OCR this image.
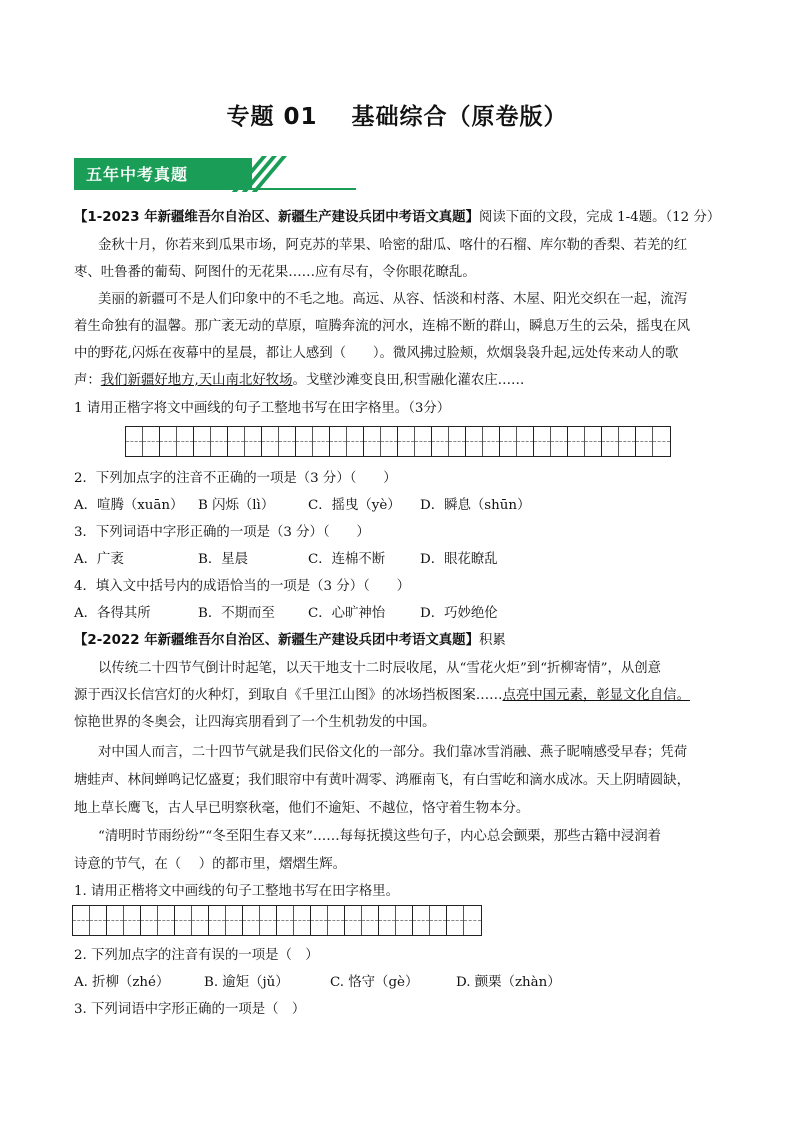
专题 01 基础综合（原卷版）
五年中考真题
【1-2023 年新疆维吾尔自治区、新疆生产建设兵团中考语文真题】阅读下面的文段，完成 1-4题。（12 分）
金秋十月，你若来到瓜果市场，阿克苏的苹果、哈密的甜瓜、喀什的石榴、库尔勒的香梨、若羌的红
枣、吐鲁番的葡萄、阿图什的无花果……应有尽有，令你眼花瞭乱。
美丽的新疆可不是人们印象中的不毛之地。高远、从容、恬淡和村落、木屋、阳光交织在一起，流泻
着生命独有的温馨。那广袤无动的草原，喧腾奔流的河水，连棉不断的群山，瞬息万生的云朵，摇曳在风
中的野花,闪烁在夜幕中的星晨，都让人感到（　　）。微风拂过脸颊，炊烟袅袅升起,远处传来动人的歌
声：我们新疆好地方,天山南北好牧场。戈壁沙滩变良田,积雪融化灌农庄……
1 请用正楷字将文中画线的句子工整地书写在田字格里。（3分）
2．下列加点字的注音不正确的一项是（3 分）（　　）
A．喧腾（xuān） B 闪烁（lì）	C．摇曳（yè） D．瞬息（shūn）
3．下列词语中字形正确的一项是（3 分）（　　）
A．广袤	B．星晨	C．连棉不断	D．眼花瞭乱
4．填入文中括号内的成语恰当的一项是（3 分）（　　）
A．各得其所	B．不期而至 C．心旷神怡	D．巧妙绝伦
【2-2022 年新疆维吾尔自治区、新疆生产建设兵团中考语文真题】积累
以传统二十四节气倒计时起笔，以天干地支十二时辰收尾，从“雪花火炬”到“折柳寄情”，从创意
源于西汉长信宫灯的火种灯，到取自《千里江山图》的冰场挡板图案……点亮中国元素，彰显文化自信。
惊艳世界的冬奥会，让四海宾朋看到了一个生机勃发的中国。
对中国人而言，二十四节气就是我们民俗文化的一部分。我们靠冰雪消融、燕子昵喃感受早春；凭荷
塘蛙声、林间蝉鸣记忆盛夏；我们眼帘中有黄叶凋零、鸿雁南飞，有白雪屹和滴水成冰。天上阴晴圆缺，
地上草长鹰飞，古人早已明察秋毫，他们不逾矩、不越位，恪守着生物本分。
“清明时节雨纷纷”“冬至阳生春又来”……每每抚摸这些句子，内心总会颤栗，那些古籍中浸润着
诗意的节气，在（　 ）的都市里，熠熠生辉。
1. 请用正楷将文中画线的句子工整地书写在田字格里。
2. 下列加点字的注音有误的一项是（　）
A. 折柳（zhé）	B. 逾矩（jǔ）	C. 恪守（gè）	D. 颤栗（zhàn）
3. 下列词语中字形正确的一项是（　）
